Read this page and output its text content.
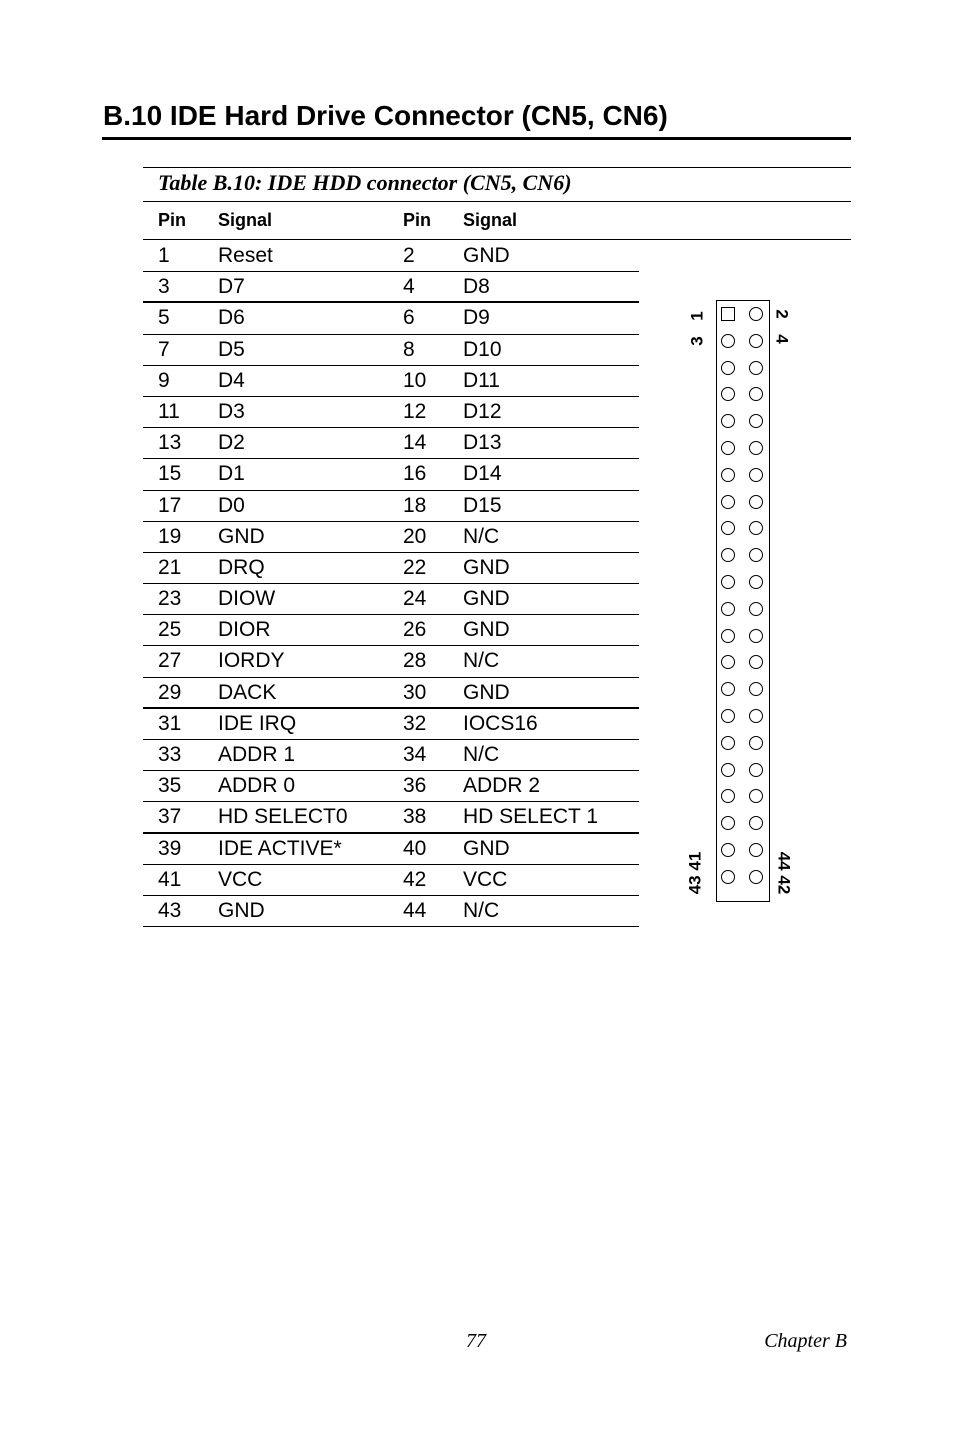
B.10 IDE Hard Drive Connector (CN5, CN6)
Table B.10: IDE HDD connector (CN5, CN6)
Pin Signal	Pin Signal
1 Reset	2 GND
3 D7	4 D8
5 D6	6 D9
7 D5	8 D10
9 D4	10 D11
11 D3	12 D12
13 D2	14 D13
15 D1	16 D14
17 D0	18 D15
19 GND	20 N/C
21 DRQ	22 GND
23 DIOW	24 GND
25 DIOR	26 GND
27 IORDY	28 N/C
29 DACK	30 GND
31 IDE IRQ	32 IOCS16
33 ADDR 1	34 N/C
35 ADDR 0	36 ADDR 2
37 HD SELECT0	38 HD SELECT 1
39 IDE ACTIVE*	40 GND
41 VCC	42 VCC
43 GND	44 N/C
1
3
2
4
43 41	44 42
77	Chapter B
